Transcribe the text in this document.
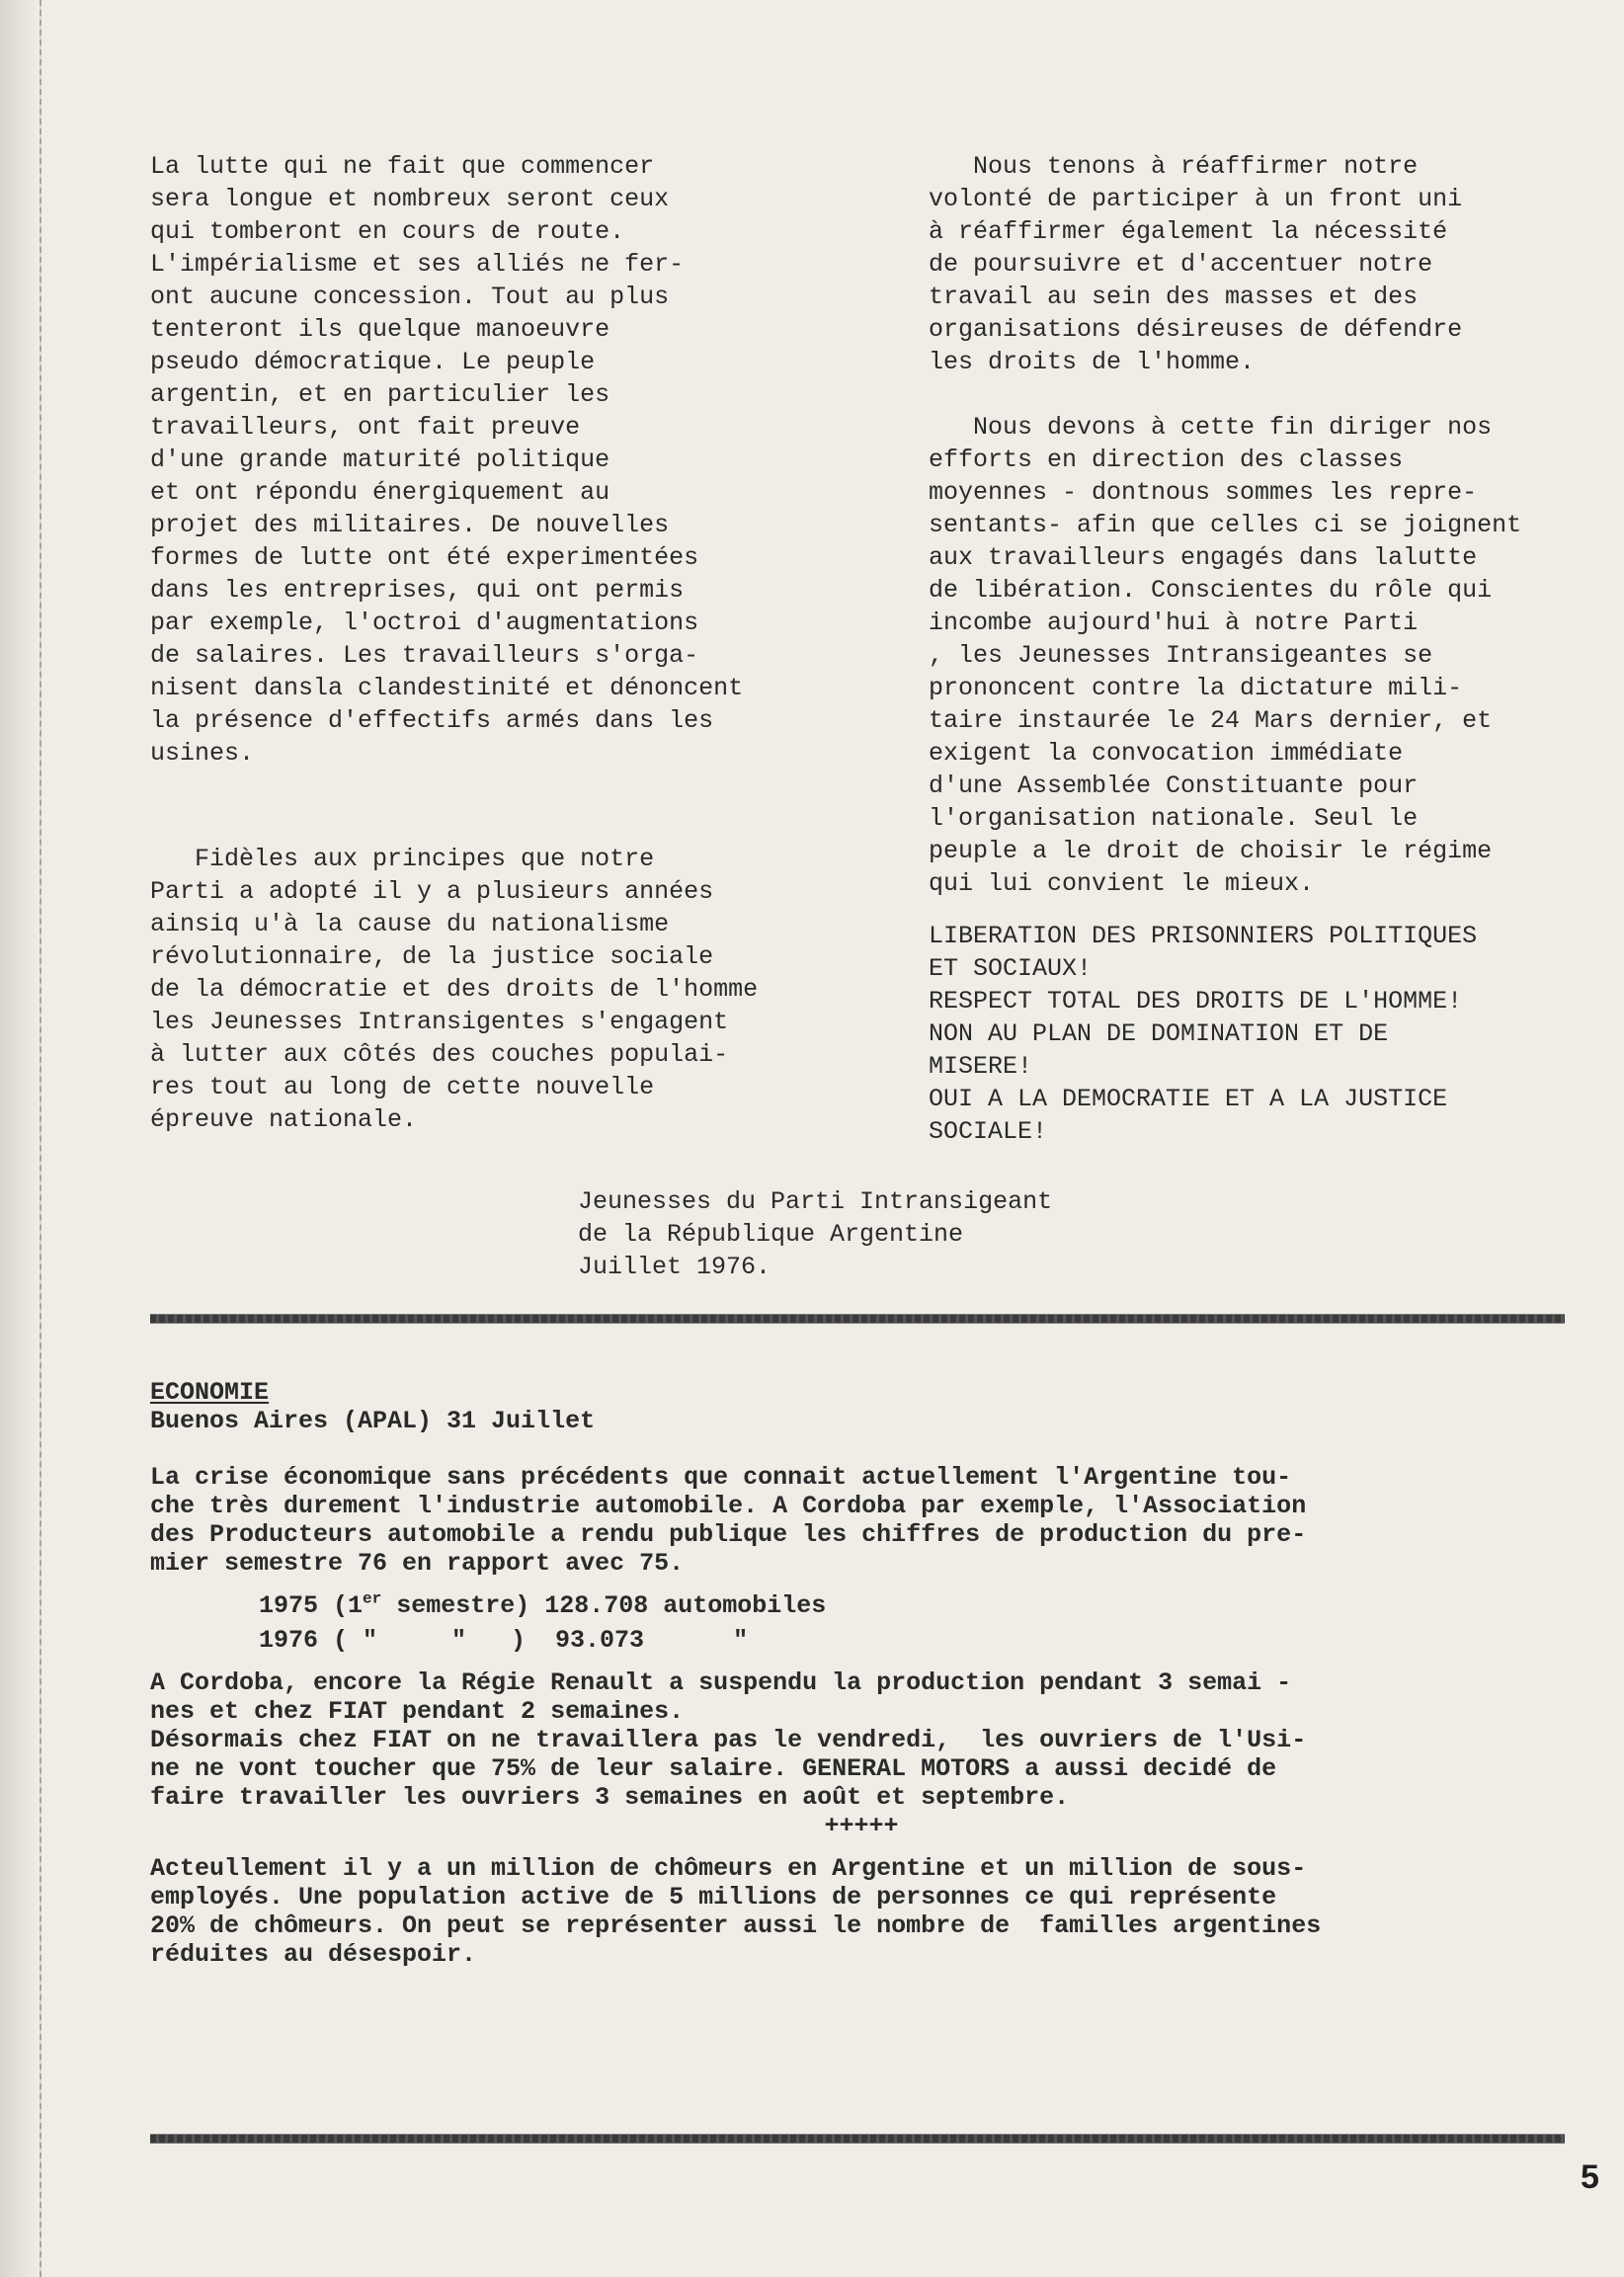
La lutte qui ne fait que commencer

sera longue et nombreux seront ceux

qui tomberont en cours de route.

L'impérialisme et ses alliés ne fer-

ont aucune concession. Tout au plus

tenteront ils quelque manoeuvre

pseudo démocratique. Le peuple

argentin, et en particulier les

travailleurs, ont fait preuve

d'une grande maturité politique

et ont répondu énergiquement au

projet des militaires. De nouvelles

formes de lutte ont été experimentées

dans les entreprises, qui ont permis

par exemple, l'octroi d'augmentations

de salaires. Les travailleurs s'orga-

nisent dansla clandestinité et dénoncent

la présence d'effectifs armés dans les

usines.

Fidèles aux principes que notre

Parti a adopté il y a plusieurs années

ainsiq u'à la cause du nationalisme

révolutionnaire, de la justice sociale

de la démocratie et des droits de l'homme

les Jeunesses Intransigentes s'engagent

à lutter aux côtés des couches populai-

res tout au long de cette nouvelle

épreuve nationale.

Nous tenons à réaffirmer notre

volonté de participer à un front uni

à réaffirmer également la nécessité

de poursuivre et d'accentuer notre

travail au sein des masses et des

organisations désireuses de défendre

les droits de l'homme.

Nous devons à cette fin diriger nos

efforts en direction des classes

moyennes - dontnous sommes les repre-

sentants- afin que celles ci se joignent

aux travailleurs engagés dans lalutte

de libération. Conscientes du rôle qui

incombe aujourd'hui à notre Parti

, les Jeunesses Intransigeantes se

prononcent contre la dictature mili-

taire instaurée le 24 Mars dernier, et

exigent la convocation immédiate

d'une Assemblée Constituante pour

l'organisation nationale. Seul le

peuple a le droit de choisir le régime

qui lui convient le mieux.

LIBERATION DES PRISONNIERS POLITIQUES

ET SOCIAUX!

RESPECT TOTAL DES DROITS DE L'HOMME!

NON AU PLAN DE DOMINATION ET DE

MISERE!

OUI A LA DEMOCRATIE ET A LA JUSTICE

SOCIALE!

Jeunesses du Parti Intransigeant

de la République Argentine

Juillet 1976.

ECONOMIE

Buenos Aires (APAL) 31 Juillet

La crise économique sans précédents que connait actuellement l'Argentine tou-

che très durement l'industrie automobile. A Cordoba par exemple, l'Association

des Producteurs automobile a rendu publique les chiffres de production du pre-

mier semestre 76 en rapport avec 75.

1975 (1er semestre) 128.708 automobiles

1976 ( "     "   )  93.073      "

A Cordoba, encore la Régie Renault a suspendu la production pendant 3 semai -

nes et chez FIAT pendant 2 semaines.

Désormais chez FIAT on ne travaillera pas le vendredi,  les ouvriers de l'Usi-

ne ne vont toucher que 75% de leur salaire. GENERAL MOTORS a aussi decidé de

faire travailler les ouvriers 3 semaines en août et septembre.

+++++

Acteullement il y a un million de chômeurs en Argentine et un million de sous-

employés. Une population active de 5 millions de personnes ce qui représente

20% de chômeurs. On peut se représenter aussi le nombre de  familles argentines

réduites au désespoir.

5
